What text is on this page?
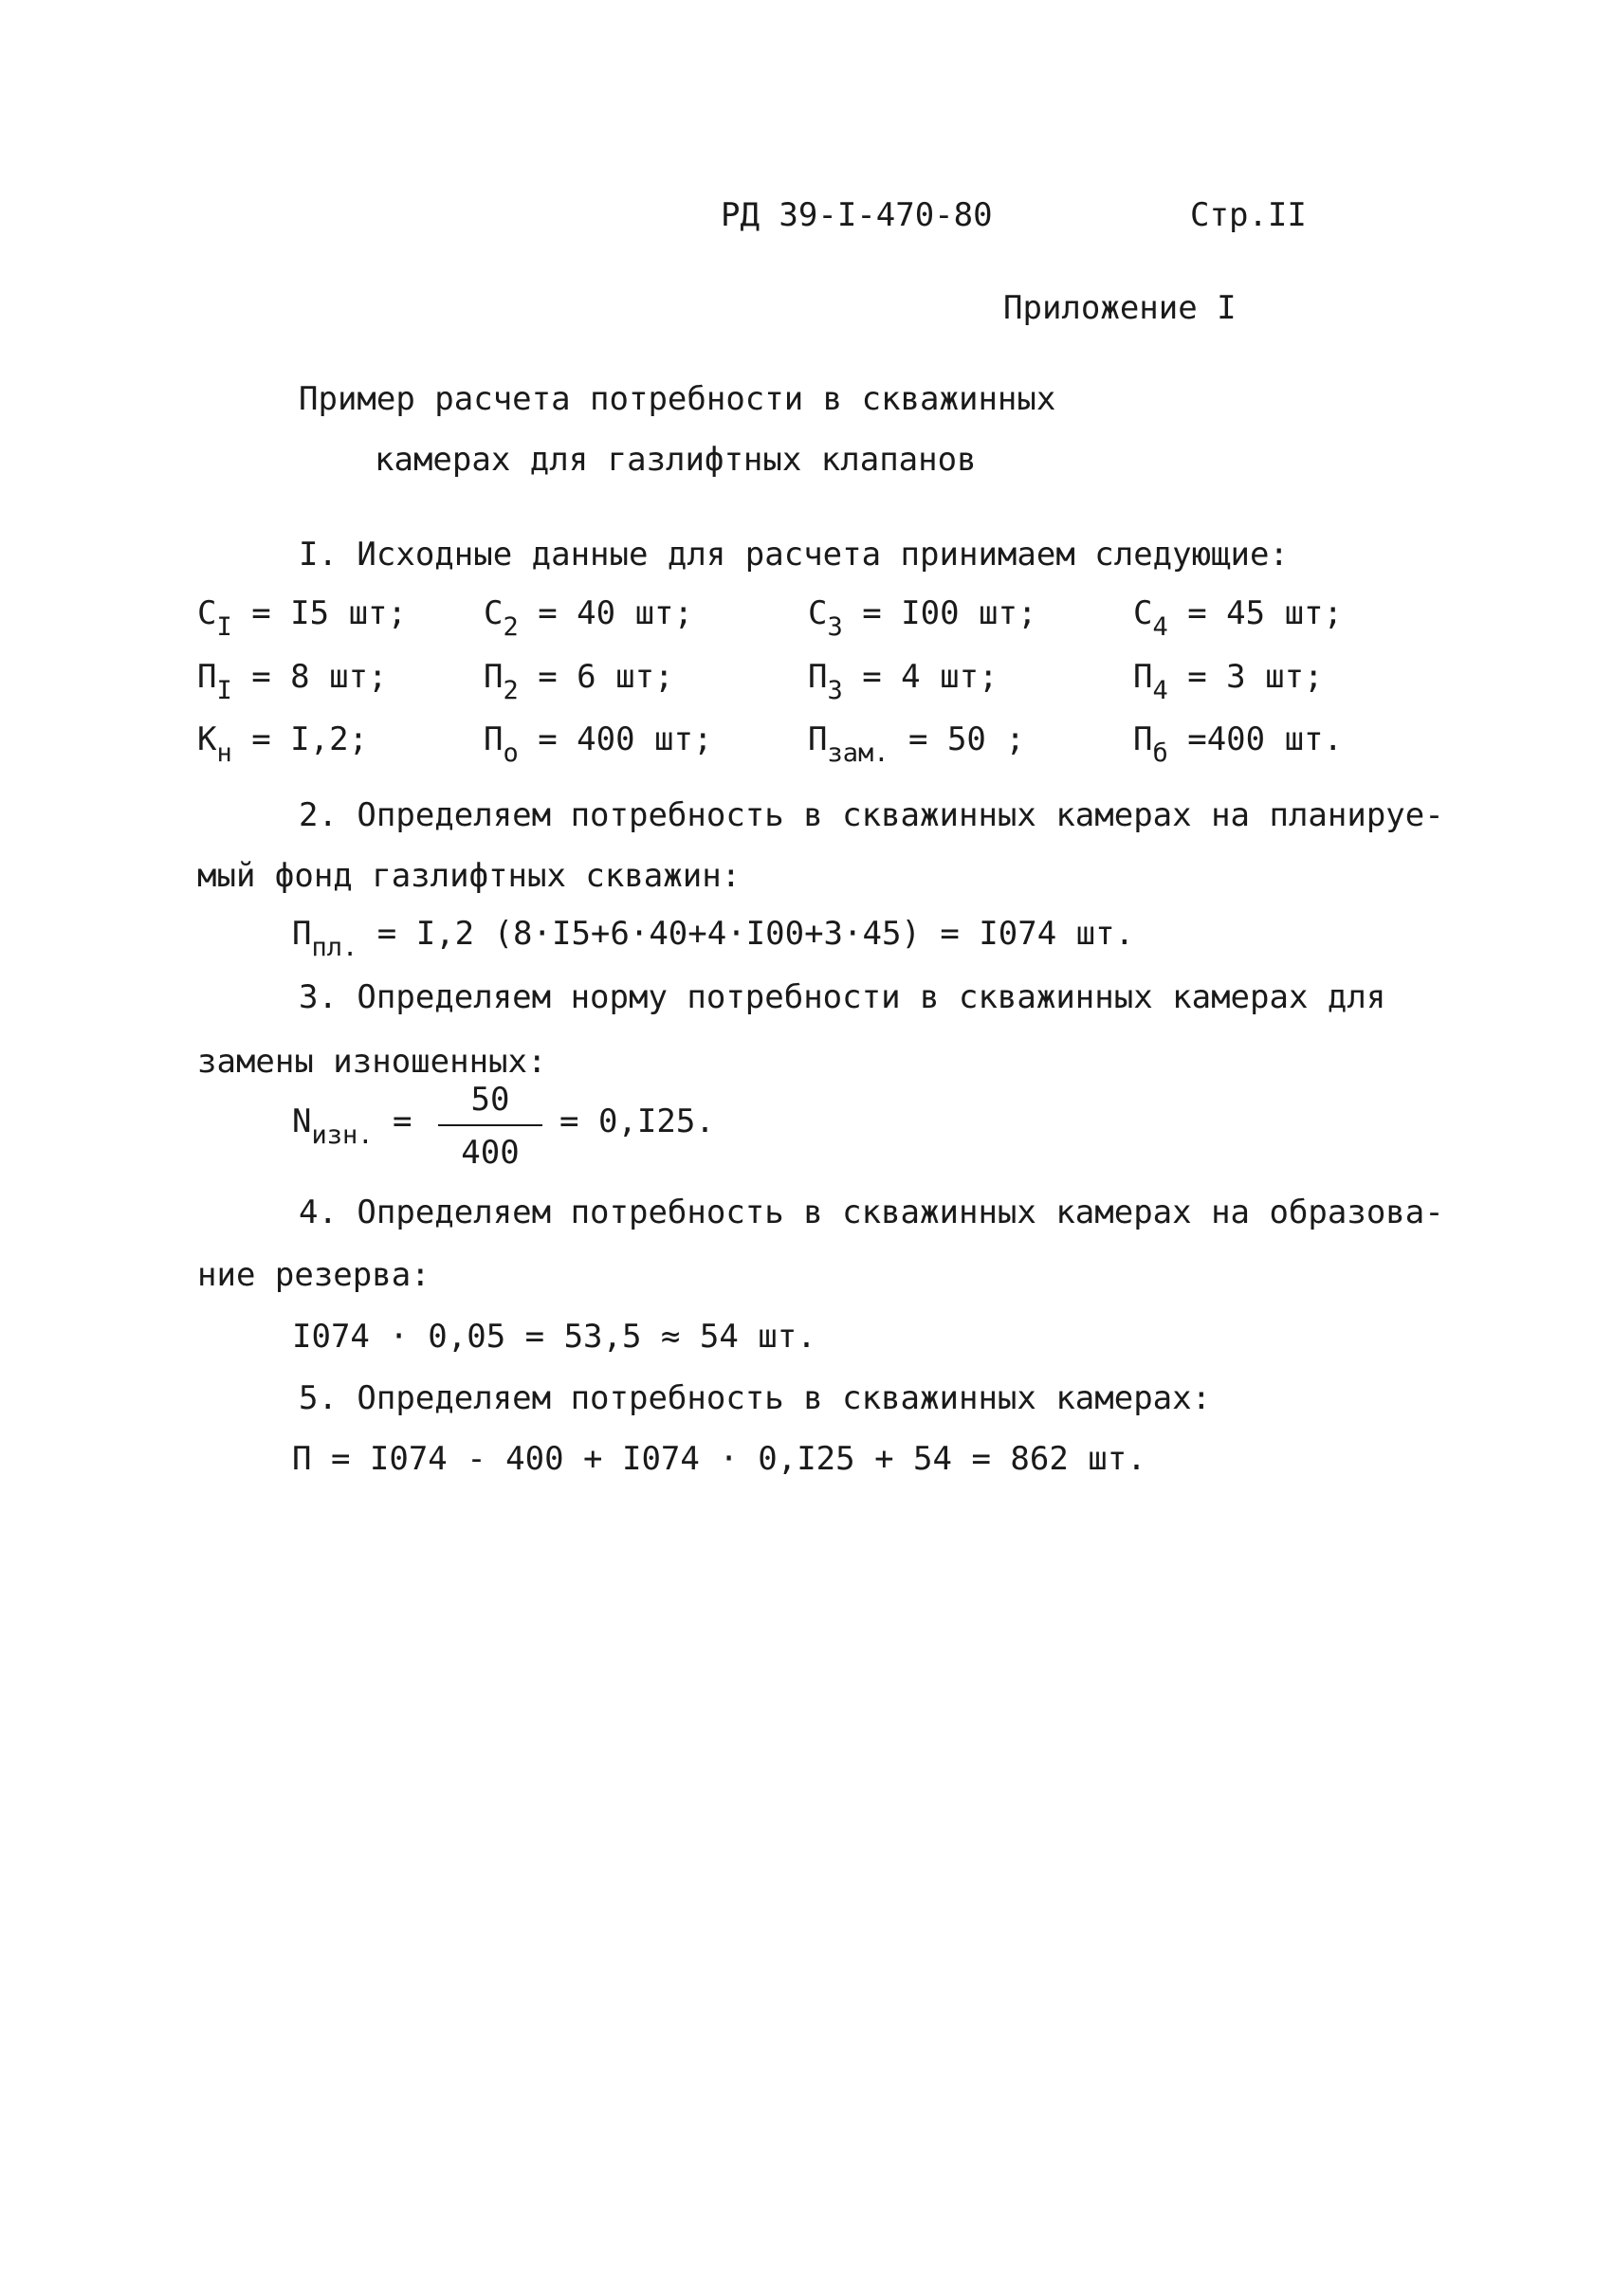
РД 39-I-470-80	Стр.II
Приложение I
Пример расчета потребности в скважинных
камерах для газлифтных клапанов
I. Исходные данные для расчета принимаем следующие:
$C_I = I5$ шт; $C_2 = 40$ шт;	$C_3 = I00$ шт;	$C_4 = 45$ шт;
$П_I = 8$ шт;	$П_2 = 6$ шт;	$П_3 = 4$ шт;	$П_4 = 3$ шт;
$К_н = I,2$;	$П_о = 400$ шт;	$П_{зам.} = 50$ ;	$П_б =400$ шт.
2. Определяем потребность в скважинных камерах на планируе-
мый фонд газлифтных скважин:
$П_{пл.} = I,2$ (8·I5+6·40+4·I00+3·45) = I074 шт.
3. Определяем норму потребности в скважинных камерах для
замены изношенных:
$N_{изн.}$ =
50
400
= 0,I25.
4. Определяем потребность в скважинных камерах на образова-
ние резерва:
I074 · 0,05 = 53,5 ≈ 54 шт.
5. Определяем потребность в скважинных камерах:
П = I074 - 400 + I074 · 0,I25 + 54 = 862 шт.
